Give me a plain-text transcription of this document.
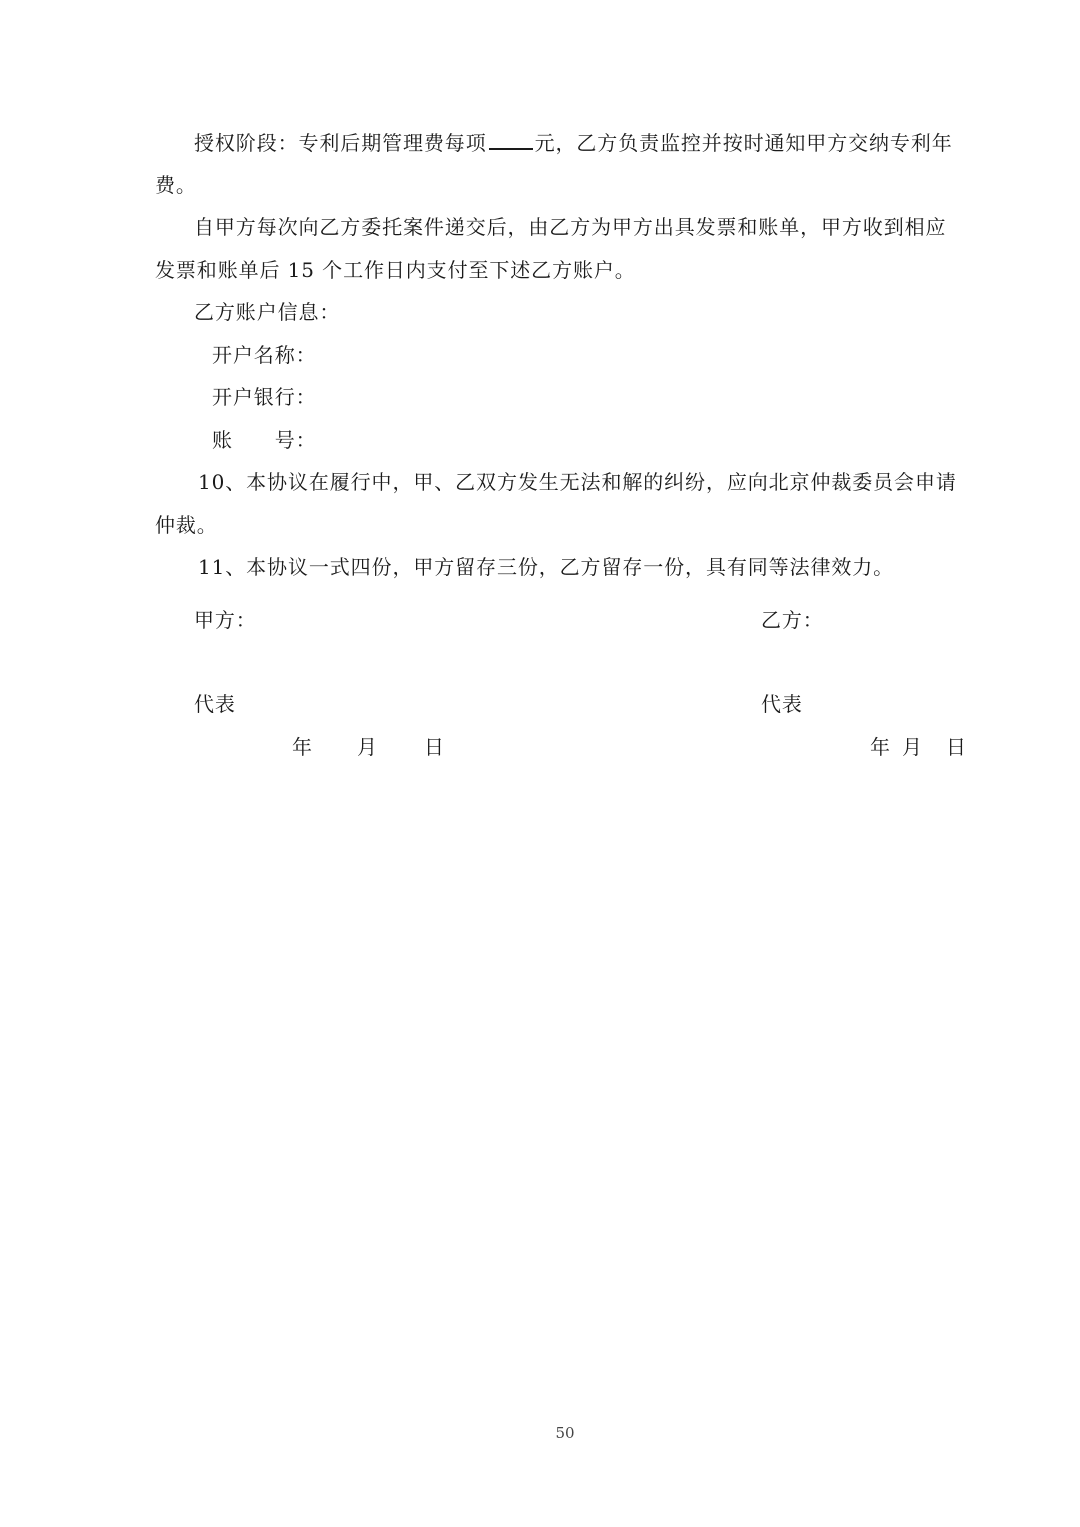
授权阶段：专利后期管理费每项 元，乙方负责监控并按时通知甲方交纳专利年
费。
自甲方每次向乙方委托案件递交后，由乙方为甲方出具发票和账单，甲方收到相应
发票和账单后 15 个工作日内支付至下述乙方账户。
乙方账户信息：
开户名称：
开户银行：
账　　号：
10、本协议在履行中，甲、乙双方发生无法和解的纠纷，应向北京仲裁委员会申请
仲裁。
11、本协议一式四份，甲方留存三份，乙方留存一份，具有同等法律效力。
甲方：	乙方：
代表	代表
年 月 日	年 月 日
50
